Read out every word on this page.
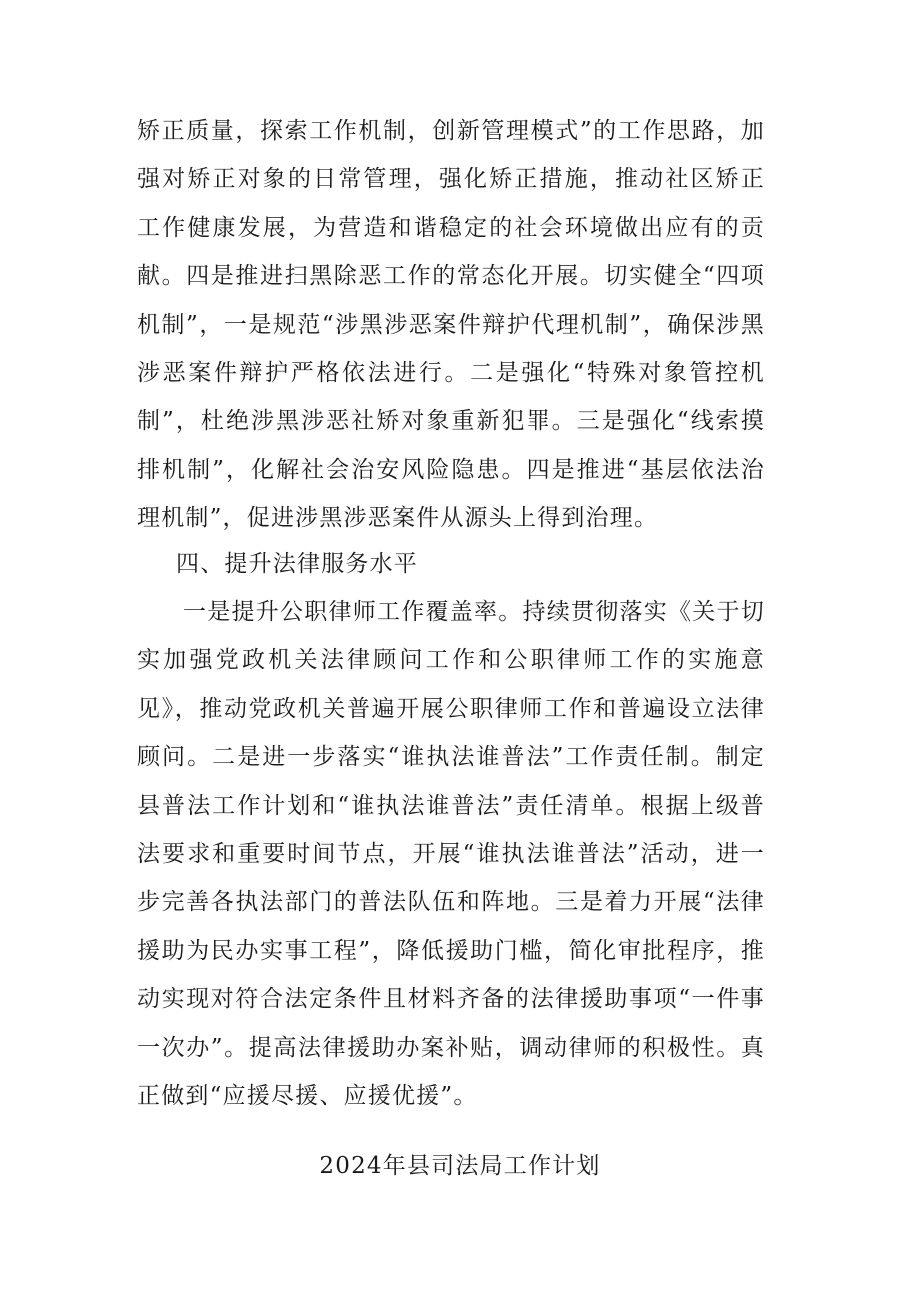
矫正质量，探索工作机制，创新管理模式”的工作思路，加强对矫正对象的日常管理，强化矫正措施，推动社区矫正工作健康发展，为营造和谐稳定的社会环境做出应有的贡献。四是推进扫黑除恶工作的常态化开展。切实健全“四项机制”，一是规范“涉黑涉恶案件辩护代理机制”，确保涉黑涉恶案件辩护严格依法进行。二是强化“特殊对象管控机制”，杜绝涉黑涉恶社矫对象重新犯罪。三是强化“线索摸排机制”，化解社会治安风险隐患。四是推进“基层依法治理机制”，促进涉黑涉恶案件从源头上得到治理。

四、提升法律服务水平

一是提升公职律师工作覆盖率。持续贯彻落实《关于切实加强党政机关法律顾问工作和公职律师工作的实施意见》，推动党政机关普遍开展公职律师工作和普遍设立法律顾问。二是进一步落实“谁执法谁普法”工作责任制。制定县普法工作计划和“谁执法谁普法”责任清单。根据上级普法要求和重要时间节点，开展“谁执法谁普法”活动，进一步完善各执法部门的普法队伍和阵地。三是着力开展“法律援助为民办实事工程”，降低援助门槛，简化审批程序，推动实现对符合法定条件且材料齐备的法律援助事项“一件事一次办”。提高法律援助办案补贴，调动律师的积极性。真正做到“应援尽援、应援优援”。

2024年县司法局工作计划
